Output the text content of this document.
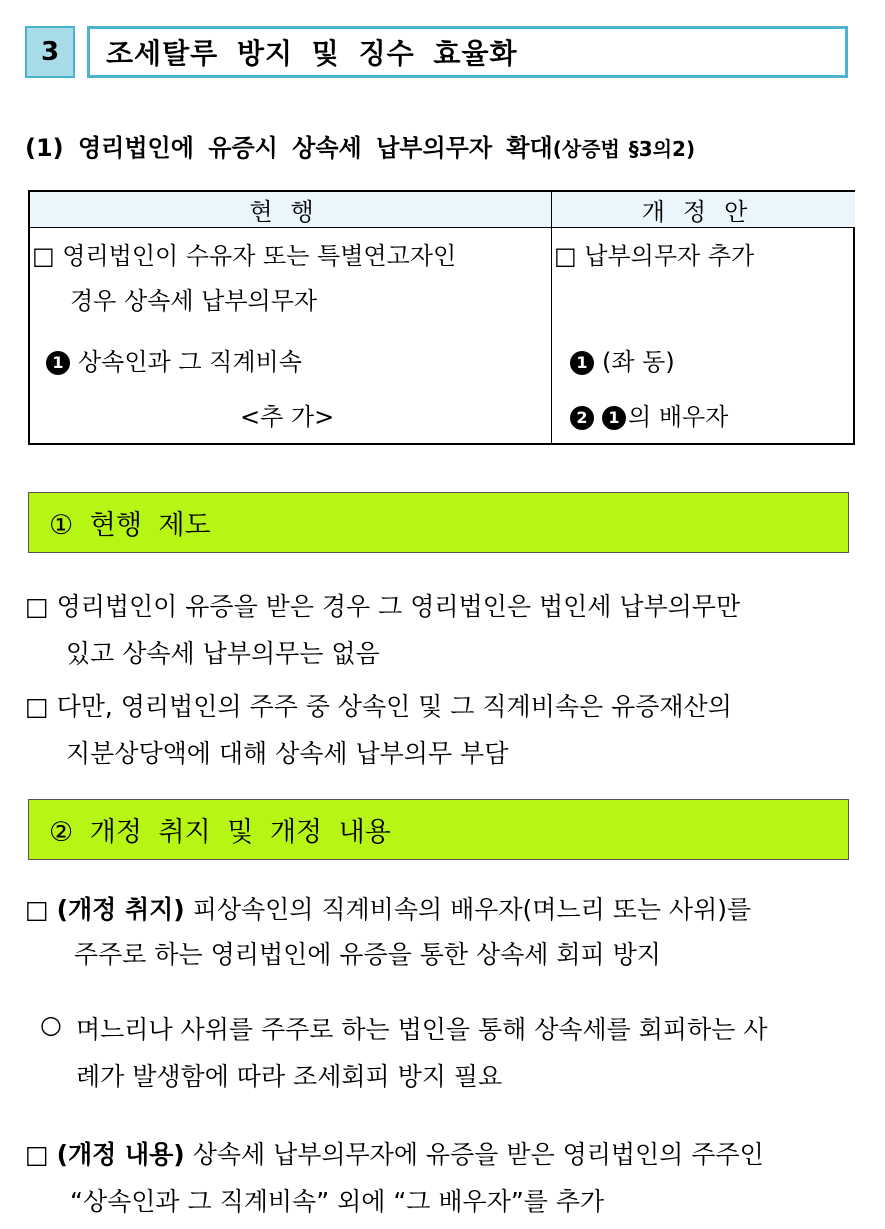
3	조세탈루 방지 및 징수 효율화
(1) 영리법인에 유증시 상속세 납부의무자 확대(상증법 §3의2)
현행	개정안
□ 영리법인이 수유자 또는 특별연고자인
경우 상속세 납부의무자
1 상속인과 그 직계비속
<추 가>
□ 납부의무자 추가
1 (좌 동)
2 1 의 배우자
① 현행 제도
□ 영리법인이 유증을 받은 경우 그 영리법인은 법인세 납부의무만
있고 상속세 납부의무는 없음
□ 다만, 영리법인의 주주 중 상속인 및 그 직계비속은 유증재산의
지분상당액에 대해 상속세 납부의무 부담
② 개정 취지 및 개정 내용
□ (개정 취지) 피상속인의 직계비속의 배우자(며느리 또는 사위)를
주주로 하는 영리법인에 유증을 통한 상속세 회피 방지
○ 며느리나 사위를 주주로 하는 법인을 통해 상속세를 회피하는 사
례가 발생함에 따라 조세회피 방지 필요
□ (개정 내용) 상속세 납부의무자에 유증을 받은 영리법인의 주주인
“상속인과 그 직계비속” 외에 “그 배우자”를 추가
